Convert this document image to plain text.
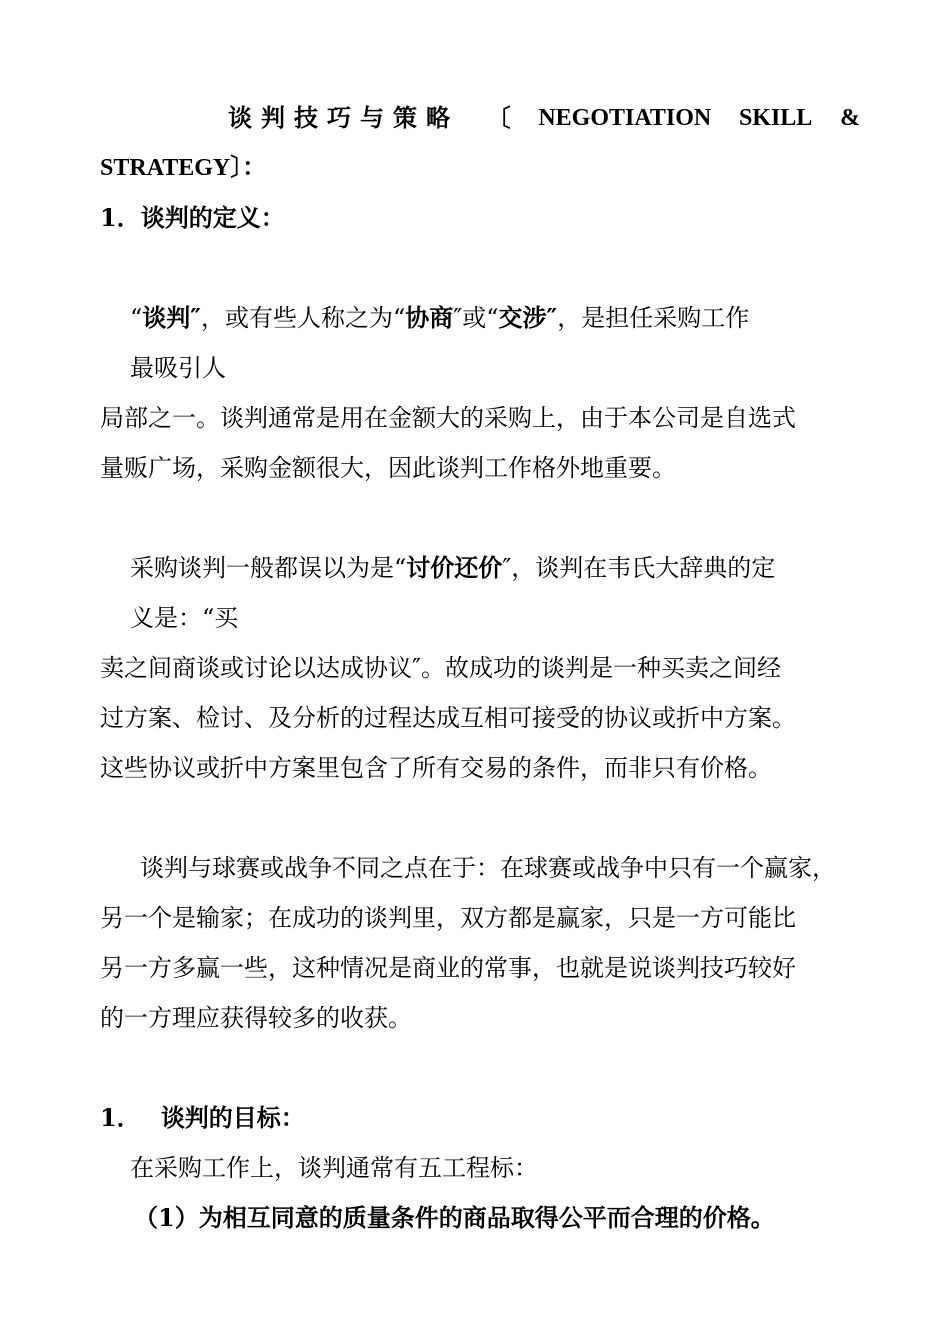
谈判技巧与策略 〔 NEGOTIATION SKILL &
STRATEGY〕：
1．谈判的定义：
“谈判″，或有些人称之为“协商″或“交涉″，是担任采购工作
最吸引人
局部之一。谈判通常是用在金额大的采购上，由于本公司是自选式
量贩广场，采购金额很大，因此谈判工作格外地重要。
采购谈判一般都误以为是“讨价还价″，谈判在韦氏大辞典的定
义是：“买
卖之间商谈或讨论以达成协议″。故成功的谈判是一种买卖之间经
过方案、检讨、及分析的过程达成互相可接受的协议或折中方案。
这些协议或折中方案里包含了所有交易的条件，而非只有价格。
谈判与球赛或战争不同之点在于：在球赛或战争中只有一个赢家，
另一个是输家；在成功的谈判里，双方都是赢家，只是一方可能比
另一方多赢一些，这种情况是商业的常事，也就是说谈判技巧较好
的一方理应获得较多的收获。
1． 谈判的目标：
在采购工作上，谈判通常有五工程标：
（1）为相互同意的质量条件的商品取得公平而合理的价格。
